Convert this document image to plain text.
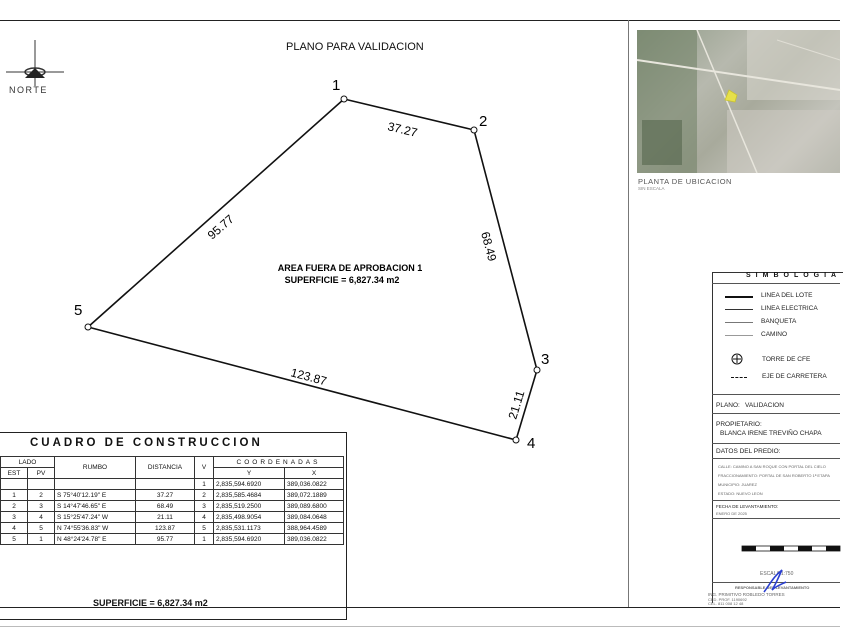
PLANO PARA VALIDACION
NORTE	1
2
3
4
5
37.27
68.49
21.11
123.87
95.77
AREA FUERA DE APROBACION 1
SUPERFICIE = 6,827.34 m2
PLANTA DE UBICACION
SIN ESCALA
SIMBOLOGIA
LINEA DEL LOTE
LINEA ELECTRICA
BANQUETA
CAMINO
TORRE DE CFE
EJE DE CARRETERA
PLANO: VALIDACION
PROPIETARIO:
BLANCA IRENE TREVIÑO CHAPA
DATOS DEL PREDIO:
CALLE: CAMINO A SAN ROQUE CON PORTAL DEL CIELO
FRACCIONAMIENTO: PORTAL DE SAN ROBERTO 1ª ETAPA
MUNICIPIO: JUAREZ
ESTADO: NUEVO LEON
FECHA DE LEVANTAMIENTO:
ENERO DE 2025
ESCALA 1:750
RESPONSABLE DEL LEVANTAMIENTO
ING. PRIMITIVO ROBLEDO TORRES
CED. PROF. 1190692
CEL. 811 008 12 48
CUADRO DE CONSTRUCCION
LADO		RUMBO	DISTANCIA	V	COORDENADAS	
EST	PV				Y	X
				1	2,835,594.6920	389,036.0822
1	2	S 75°40'12.19" E	37.27	2	2,835,585.4684	389,072.1889
2	3	S 14°47'46.65" E	68.49	3	2,835,519.2500	389,089.6800
3	4	S 15°25'47.24" W	21.11	4	2,835,498.9054	389,084.0648
4	5	N 74°55'36.83" W	123.87	5	2,835,531.1173	388,964.4589
5	1	N 48°24'24.78" E	95.77	1	2,835,594.6920	389,036.0822
SUPERFICIE = 6,827.34 m2
